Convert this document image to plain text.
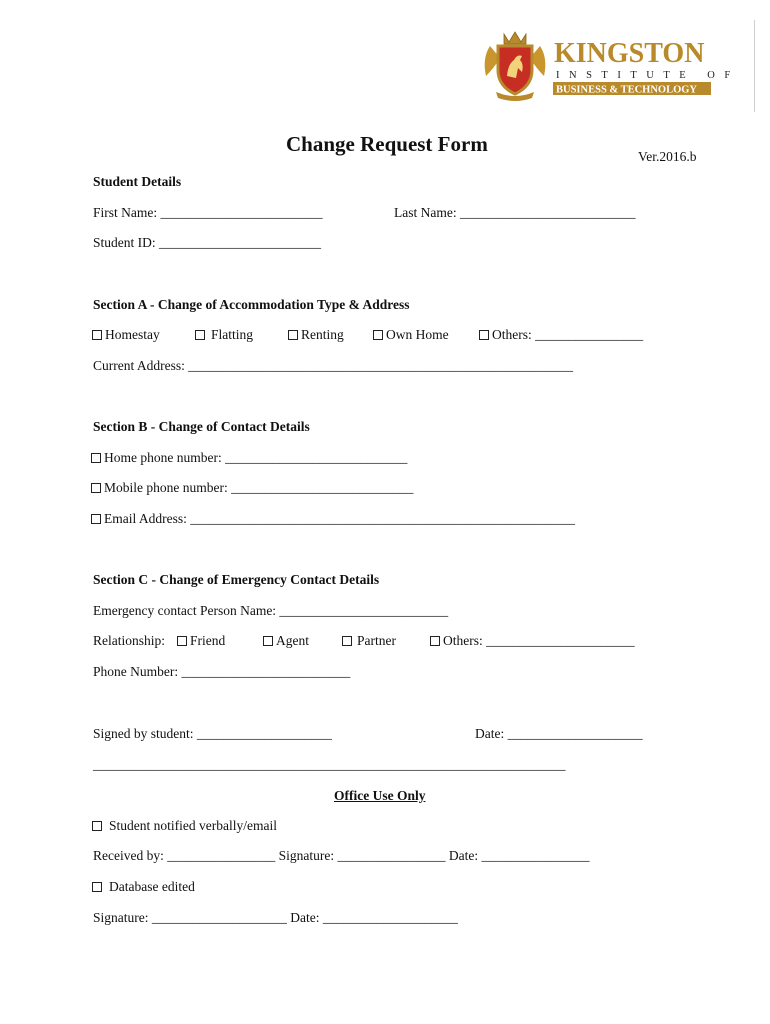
KINGSTON
INSTITUTE OF
BUSINESS & TECHNOLOGY
Change Request Form
Ver.2016.b
Student Details
First Name: ________________________	Last Name: __________________________
Student ID: ________________________
Section A - Change of Accommodation Type & Address
Homestay	Flatting	Renting	Own Home	Others: ________________
Current Address: _________________________________________________________
Section B - Change of Contact Details
Home phone number: ___________________________
Mobile phone number: ___________________________
Email Address: _________________________________________________________
Section C - Change of Emergency Contact Details
Emergency contact Person Name: _________________________
Relationship:	Friend	Agent	Partner	Others: ______________________
Phone Number: _________________________
Signed by student: ____________________	Date: ____________________
______________________________________________________________________
Office Use Only
Student notified verbally/email
Received by: ________________ Signature: ________________ Date: ________________
Database edited
Signature: ____________________ Date: ____________________
